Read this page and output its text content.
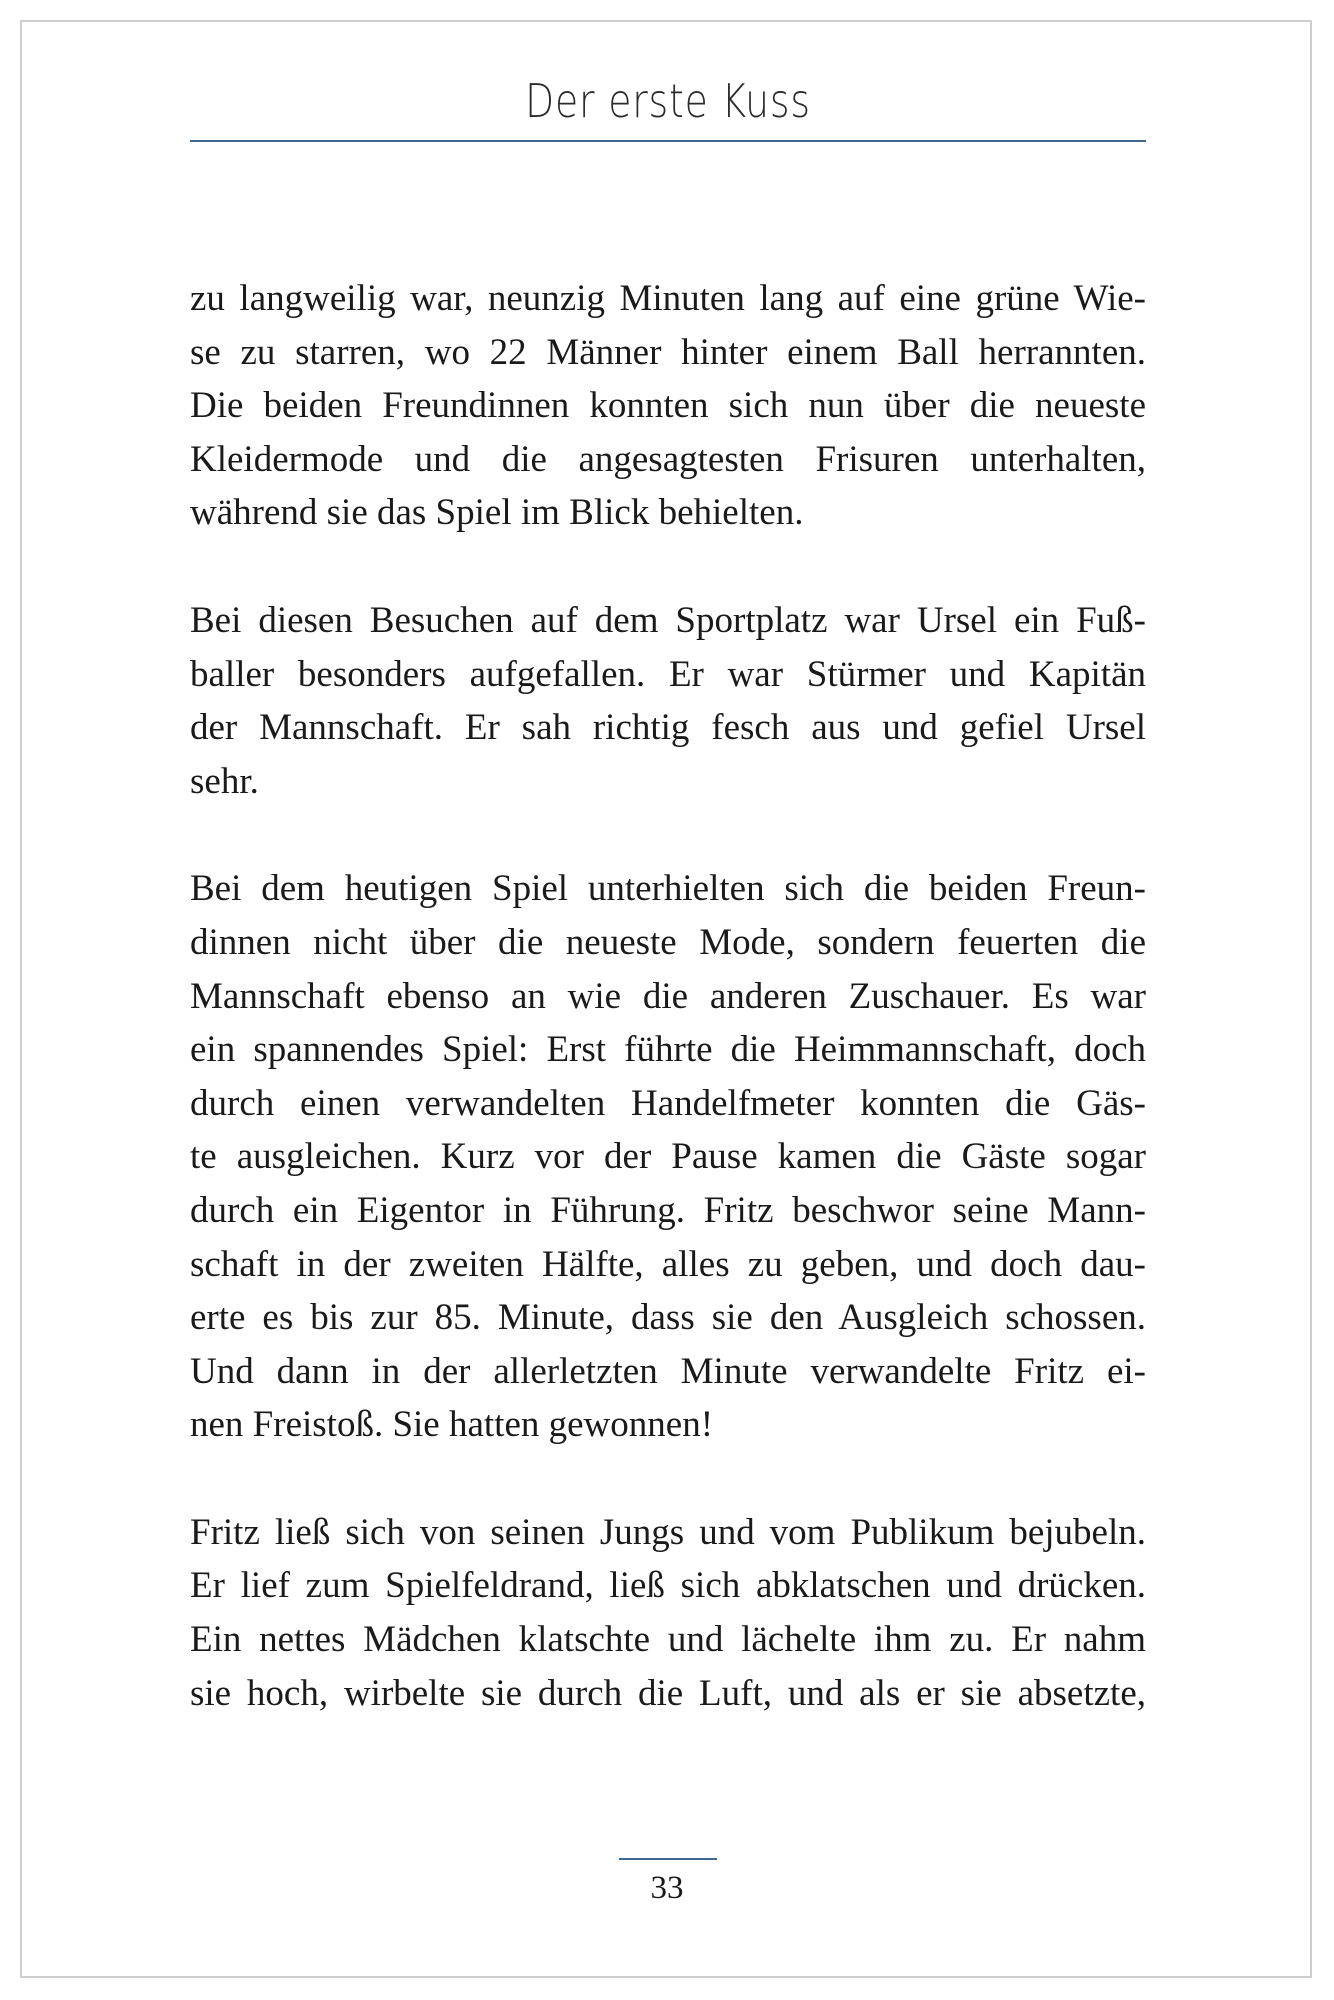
Der erste Kuss
zu langweilig war, neunzig Minuten lang auf eine grüne Wie-
se zu starren, wo 22 Männer hinter einem Ball herrannten.
Die beiden Freundinnen konnten sich nun über die neueste
Kleidermode und die angesagtesten Frisuren unterhalten,
während sie das Spiel im Blick behielten.
Bei diesen Besuchen auf dem Sportplatz war Ursel ein Fuß-
baller besonders aufgefallen. Er war Stürmer und Kapitän
der Mannschaft. Er sah richtig fesch aus und gefiel Ursel
sehr.
Bei dem heutigen Spiel unterhielten sich die beiden Freun-
dinnen nicht über die neueste Mode, sondern feuerten die
Mannschaft ebenso an wie die anderen Zuschauer. Es war
ein spannendes Spiel: Erst führte die Heimmannschaft, doch
durch einen verwandelten Handelfmeter konnten die Gäs-
te ausgleichen. Kurz vor der Pause kamen die Gäste sogar
durch ein Eigentor in Führung. Fritz beschwor seine Mann-
schaft in der zweiten Hälfte, alles zu geben, und doch dau-
erte es bis zur 85. Minute, dass sie den Ausgleich schossen.
Und dann in der allerletzten Minute verwandelte Fritz ei-
nen Freistoß. Sie hatten gewonnen!
Fritz ließ sich von seinen Jungs und vom Publikum bejubeln.
Er lief zum Spielfeldrand, ließ sich abklatschen und drücken.
Ein nettes Mädchen klatschte und lächelte ihm zu. Er nahm
sie hoch, wirbelte sie durch die Luft, und als er sie absetzte,
33
